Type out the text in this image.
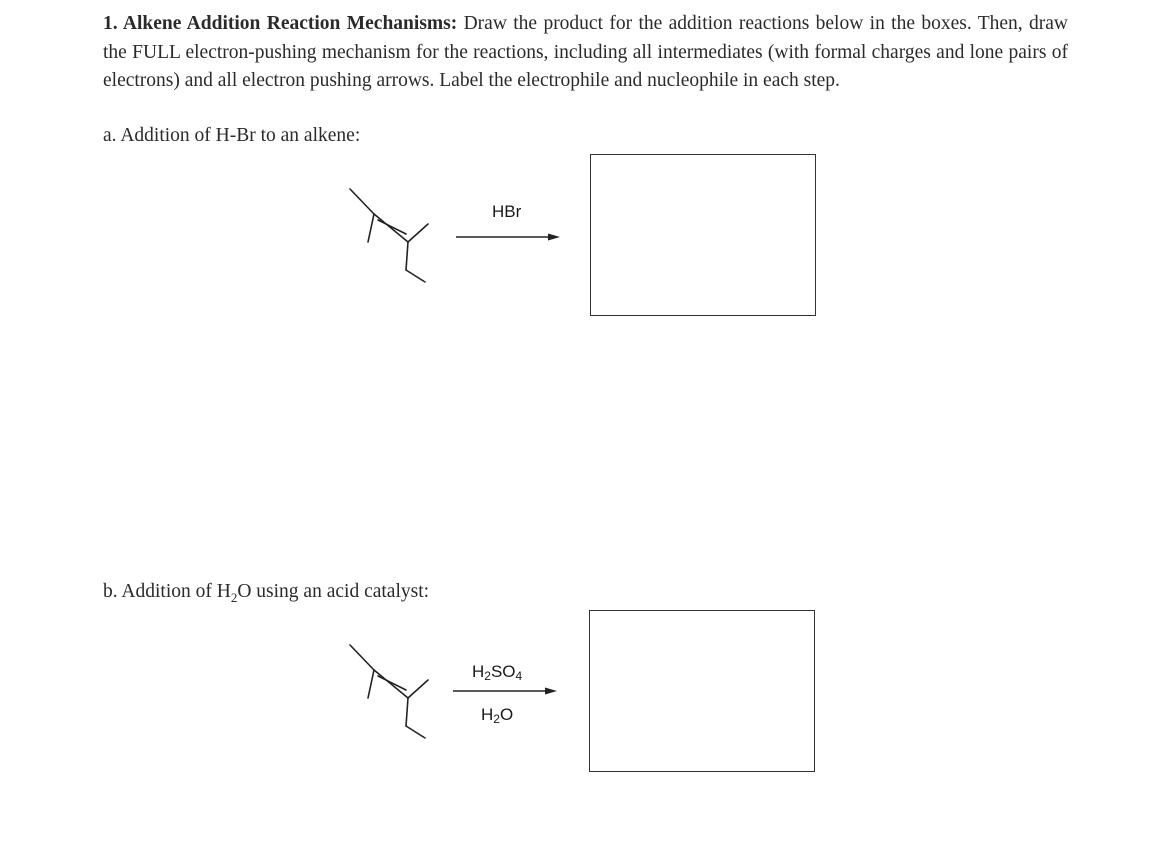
1. Alkene Addition Reaction Mechanisms: Draw the product for the addition reactions below in the boxes. Then, draw the FULL electron-pushing mechanism for the reactions, including all intermediates (with formal charges and lone pairs of electrons) and all electron pushing arrows. Label the electrophile and nucleophile in each step.
a. Addition of H-Br to an alkene:
HBr
b. Addition of $H_2O$ using an acid catalyst:
$H_2SO_4$
$H_2O$
